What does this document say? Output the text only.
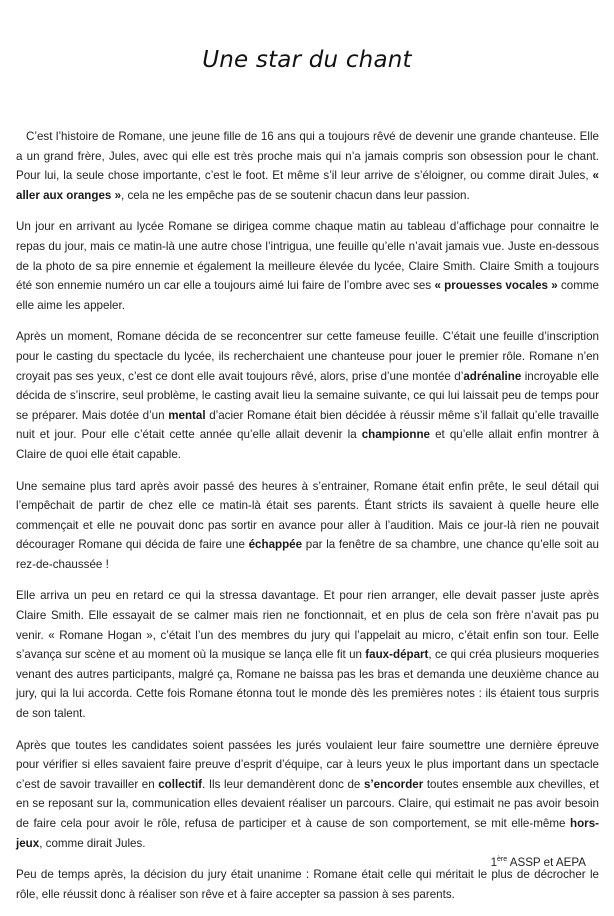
Une star du chant

C’est l’histoire de Romane, une jeune fille de 16 ans qui a toujours rêvé de devenir une grande chanteuse. Elle a un grand frère, Jules, avec qui elle est très proche mais qui n’a jamais compris son obsession pour le chant. Pour lui, la seule chose importante, c’est le foot. Et même s’il leur arrive de s’éloigner, ou comme dirait Jules, « aller aux oranges », cela ne les empêche pas de se soutenir chacun dans leur passion.

Un jour en arrivant au lycée Romane se dirigea comme chaque matin au tableau d’affichage pour connaitre le repas du jour, mais ce matin-là une autre chose l’intrigua, une feuille qu’elle n’avait jamais vue. Juste en-dessous de la photo de sa pire ennemie et également la meilleure élevée du lycée, Claire Smith. Claire Smith a toujours été son ennemie numéro un car elle a toujours aimé lui faire de l’ombre avec ses « prouesses vocales » comme elle aime les appeler.

Après un moment, Romane décida de se reconcentrer sur cette fameuse feuille. C’était une feuille d’inscription pour le casting du spectacle du lycée, ils recherchaient une chanteuse pour jouer le premier rôle. Romane n’en croyait pas ses yeux, c’est ce dont elle avait toujours rêvé, alors, prise d’une montée d’adrénaline incroyable elle décida de s’inscrire, seul problème, le casting avait lieu la semaine suivante, ce qui lui laissait peu de temps pour se préparer. Mais dotée d’un mental d’acier Romane était bien décidée à réussir même s’il fallait qu’elle travaille nuit et jour. Pour elle c’était cette année qu’elle allait devenir la championne et qu’elle allait enfin montrer à Claire de quoi elle était capable.

Une semaine plus tard après avoir passé des heures à s’entrainer, Romane était enfin prête, le seul détail qui l’empêchait de partir de chez elle ce matin-là était ses parents. Étant stricts ils savaient à quelle heure elle commençait et elle ne pouvait donc pas sortir en avance pour aller à l’audition. Mais ce jour-là rien ne pouvait décourager Romane qui décida de faire une échappée par la fenêtre de sa chambre, une chance qu’elle soit au rez-de-chaussée !

Elle arriva un peu en retard ce qui la stressa davantage. Et pour rien arranger, elle devait passer juste après Claire Smith. Elle essayait de se calmer mais rien ne fonctionnait, et en plus de cela son frère n’avait pas pu venir. « Romane Hogan », c’était l’un des membres du jury qui l’appelait au micro, c’était enfin son tour. Eelle s’avança sur scène et au moment où la musique se lança elle fit un faux-départ, ce qui créa plusieurs moqueries venant des autres participants, malgré ça, Romane ne baissa pas les bras et demanda une deuxième chance au jury, qui la lui accorda. Cette fois Romane étonna tout le monde dès les premières notes : ils étaient tous surpris de son talent.

Après que toutes les candidates soient passées les jurés voulaient leur faire soumettre une dernière épreuve pour vérifier si elles savaient faire preuve d’esprit d’équipe, car à leurs yeux le plus important dans un spectacle c’est de savoir travailler en collectif. Ils leur demandèrent donc de s’encorder toutes ensemble aux chevilles, et en se reposant sur la, communication elles devaient réaliser un parcours. Claire, qui estimait ne pas avoir besoin de faire cela pour avoir le rôle, refusa de participer et à cause de son comportement, se mit elle-même hors-jeux, comme dirait Jules.

Peu de temps après, la décision du jury était unanime : Romane était celle qui méritait le plus de décrocher le rôle, elle réussit donc à réaliser son rêve et à faire accepter sa passion à ses parents.

1ère ASSP et AEPA
